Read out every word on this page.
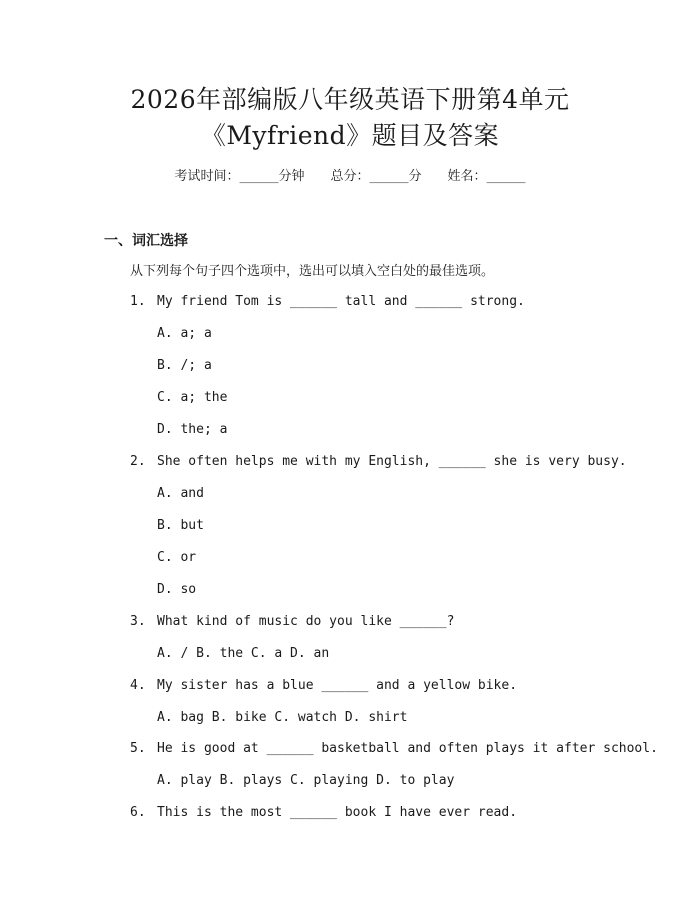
2026年部编版八年级英语下册第4单元
《Myfriend》题目及答案
考试时间：______分钟 总分：______分 姓名：______
一、词汇选择
从下列每个句子四个选项中，选出可以填入空白处的最佳选项。
1. My friend Tom is ______ tall and ______ strong.
A. a; a
B. /; a
C. a; the
D. the; a
2. She often helps me with my English, ______ she is very busy.
A. and
B. but
C. or
D. so
3. What kind of music do you like ______?
A. / B. the C. a D. an
4. My sister has a blue ______ and a yellow bike.
A. bag B. bike C. watch D. shirt
5. He is good at ______ basketball and often plays it after school.
A. play B. plays C. playing D. to play
6. This is the most ______ book I have ever read.
